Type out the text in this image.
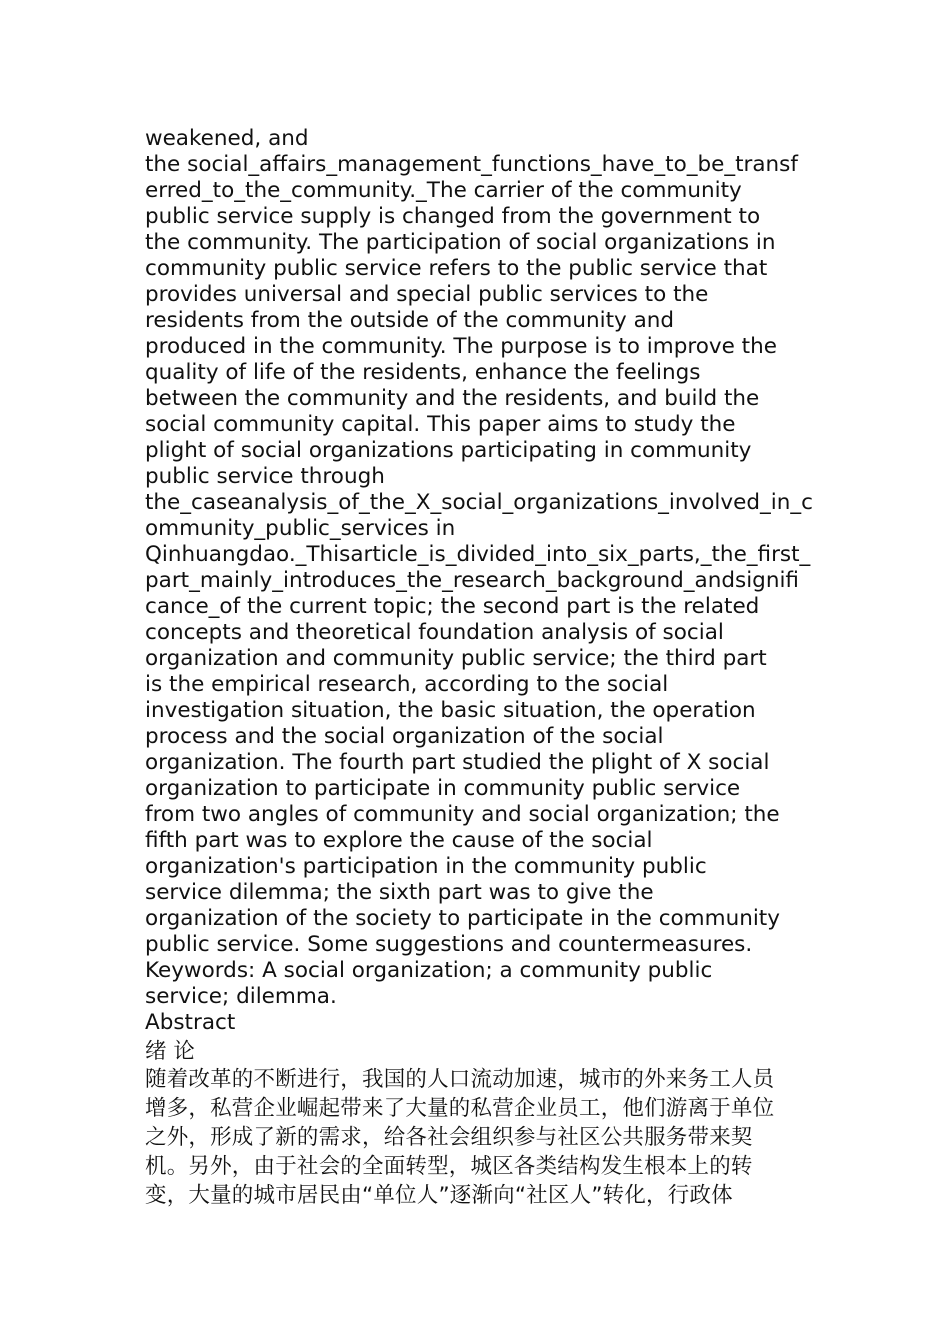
weakened, and
the social_affairs_management_functions_have_to_be_transf
erred_to_the_community._The carrier of the community
public service supply is changed from the government to
the community. The participation of social organizations in
community public service refers to the public service that
provides universal and special public services to the
residents from the outside of the community and
produced in the community. The purpose is to improve the
quality of life of the residents, enhance the feelings
between the community and the residents, and build the
social community capital. This paper aims to study the
plight of social organizations participating in community
public service through
the_caseanalysis_of_the_X_social_organizations_involved_in_c
ommunity_public_services in
Qinhuangdao._Thisarticle_is_divided_into_six_parts,_the_first_
part_mainly_introduces_the_research_background_andsignifi
cance_of the current topic; the second part is the related
concepts and theoretical foundation analysis of social
organization and community public service; the third part
is the empirical research, according to the social
investigation situation, the basic situation, the operation
process and the social organization of the social
organization. The fourth part studied the plight of X social
organization to participate in community public service
from two angles of community and social organization; the
fifth part was to explore the cause of the social
organization's participation in the community public
service dilemma; the sixth part was to give the
organization of the society to participate in the community
public service. Some suggestions and countermeasures.
Keywords: A social organization; a community public
service; dilemma.
Abstract
绪 论
随着改革的不断进行，我国的人口流动加速，城市的外来务工人员
增多，私营企业崛起带来了大量的私营企业员工，他们游离于单位
之外，形成了新的需求，给各社会组织参与社区公共服务带来契
机。另外，由于社会的全面转型，城区各类结构发生根本上的转
变，大量的城市居民由“单位人”逐渐向“社区人”转化，行政体
